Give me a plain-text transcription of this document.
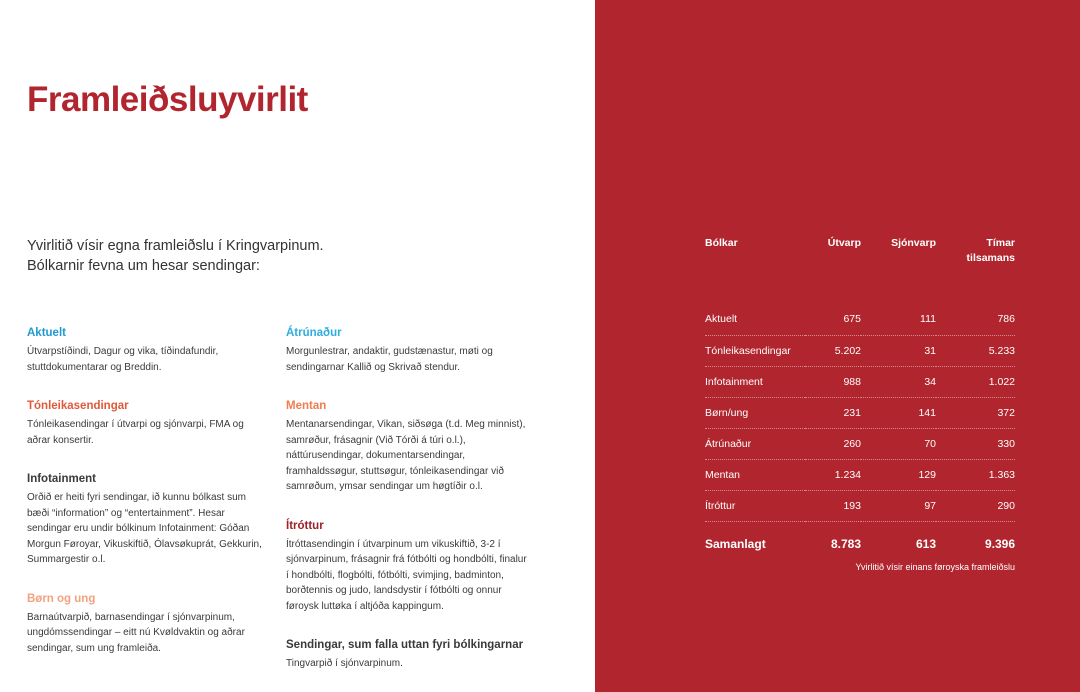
Framleiðsluyvirlit
Yvirlitið vísir egna framleiðslu í Kringvarpinum.
Bólkarnir fevna um hesar sendingar:
Aktuelt

Útvarpstíðindi, Dagur og vika, tíðindafundir, stuttdokumentarar og Breddin.

Tónleikasendingar

Tónleikasendingar í útvarpi og sjónvarpi, FMA og aðrar konsertir.

Infotainment

Orðið er heiti fyri sendingar, ið kunnu bólkast sum bæði “information” og “entertainment”. Hesar sendingar eru undir bólkinum Infotainment: Góðan Morgun Føroyar, Vikuskiftið, Ólavsøkuprát, Gekkurin, Summargestir o.l.

Børn og ung

Barnaútvarpið, barnasendingar í sjónvarpinum, ungdómssendingar – eitt nú Kvøldvaktin og aðrar sendingar, sum ung framleiða.

Átrúnaður

Morgunlestrar, andaktir, gudstænastur, møti og sendingarnar Kallið og Skrivað stendur.

Mentan

Mentanarsendingar, Vikan, siðsøga (t.d. Meg minnist), samrøður, frásagnir (Við Tórði á túri o.l.), náttúrusendingar, dokumentarsendingar, framhaldssøgur, stuttsøgur, tónleikasendingar við samrøðum, ymsar sendingar um høgtíðir o.l.

Ítróttur

Ítróttasendingin í útvarpinum um vikuskiftið, 3-2 í sjónvarpinum, frásagnir frá fótbólti og hondbólti, finalur í hondbólti, flogbólti, fótbólti, svimjing, badminton, borðtennis og judo, landsdystir í fótbólti og onnur føroysk luttøka í altjóða kappingum.

Sendingar, sum falla uttan fyri bólkingarnar

Tingvarpið í sjónvarpinum.

Bólkar	Útvarp	Sjónvarp	Tímar tilsamans
Aktuelt	675	111	786
Tónleikasendingar	5.202	31	5.233
Infotainment	988	34	1.022
Børn/ung	231	141	372
Átrúnaður	260	70	330
Mentan	1.234	129	1.363
Ítróttur	193	97	290
Samanlagt	8.783	613	9.396
Yvirlitið vísir einans føroyska framleiðslu
